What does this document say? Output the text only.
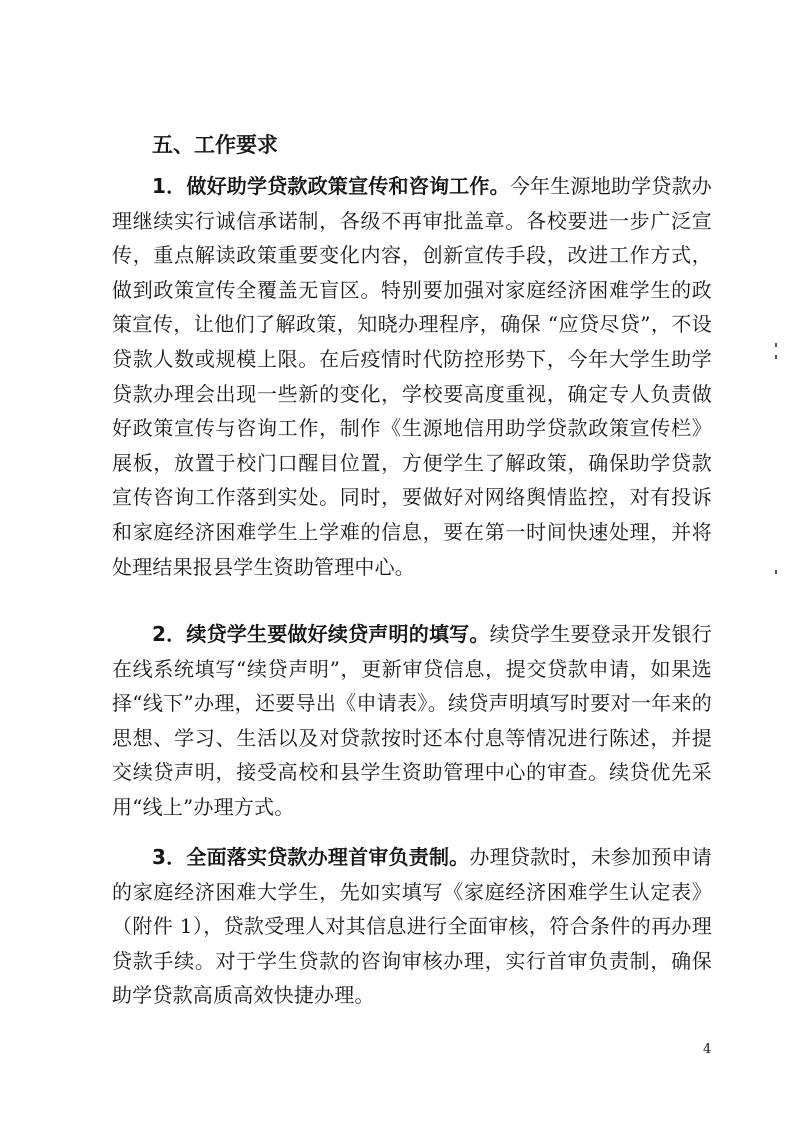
五、工作要求

1．做好助学贷款政策宣传和咨询工作。今年生源地助学贷款办理继续实行诚信承诺制，各级不再审批盖章。各校要进一步广泛宣传，重点解读政策重要变化内容，创新宣传手段，改进工作方式，做到政策宣传全覆盖无盲区。特别要加强对家庭经济困难学生的政策宣传，让他们了解政策，知晓办理程序，确保 “应贷尽贷”，不设贷款人数或规模上限。在后疫情时代防控形势下，今年大学生助学贷款办理会出现一些新的变化，学校要高度重视，确定专人负责做好政策宣传与咨询工作，制作《生源地信用助学贷款政策宣传栏》展板，放置于校门口醒目位置，方便学生了解政策，确保助学贷款宣传咨询工作落到实处。同时，要做好对网络舆情监控，对有投诉和家庭经济困难学生上学难的信息，要在第一时间快速处理，并将处理结果报县学生资助管理中心。

2．续贷学生要做好续贷声明的填写。续贷学生要登录开发银行在线系统填写“续贷声明”，更新审贷信息，提交贷款申请，如果选择“线下”办理，还要导出《申请表》。续贷声明填写时要对一年来的思想、学习、生活以及对贷款按时还本付息等情况进行陈述，并提交续贷声明，接受高校和县学生资助管理中心的审查。续贷优先采用“线上”办理方式。

3．全面落实贷款办理首审负责制。办理贷款时，未参加预申请的家庭经济困难大学生，先如实填写《家庭经济困难学生认定表》（附件 1），贷款受理人对其信息进行全面审核，符合条件的再办理贷款手续。对于学生贷款的咨询审核办理，实行首审负责制，确保助学贷款高质高效快捷办理。

4
